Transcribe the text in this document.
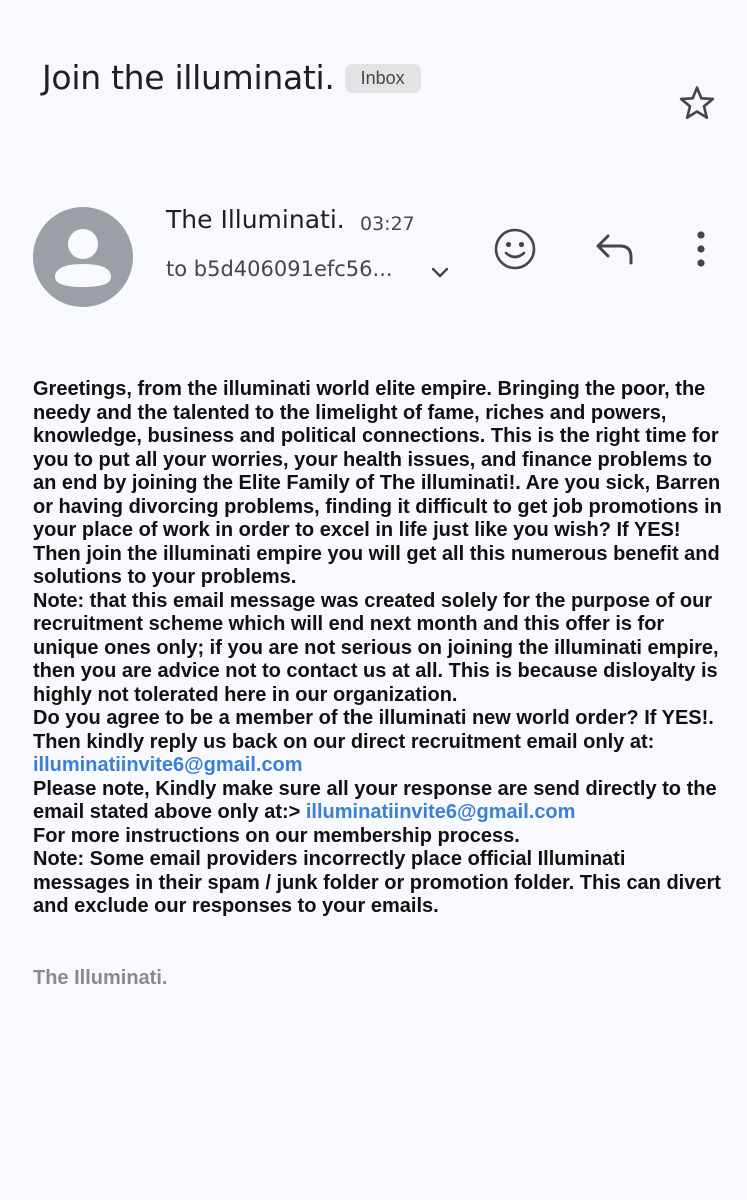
Join the illuminati.	Inbox
The Illuminati. 03:27
to b5d406091efc56...

Greetings, from the illuminati world elite empire. Bringing the poor, the needy and the talented to the limelight of fame, riches and powers, knowledge, business and political connections. This is the right time for you to put all your worries, your health issues, and finance problems to an end by joining the Elite Family of The illuminati!. Are you sick, Barren or having divorcing problems, finding it difficult to get job promotions in your place of work in order to excel in life just like you wish? If YES! Then join the illuminati empire you will get all this numerous benefit and solutions to your problems.

Note: that this email message was created solely for the purpose of our recruitment scheme which will end next month and this offer is for unique ones only; if you are not serious on joining the illuminati empire, then you are advice not to contact us at all. This is because disloyalty is highly not tolerated here in our organization.

Do you agree to be a member of the illuminati new world order? If YES!. Then kindly reply us back on our direct recruitment email only at: illuminatiinvite6@gmail.com

Please note, Kindly make sure all your response are send directly to the email stated above only at:> illuminatiinvite6@gmail.com

For more instructions on our membership process.

Note: Some email providers incorrectly place official Illuminati messages in their spam / junk folder or promotion folder. This can divert and exclude our responses to your emails.

The Illuminati.
